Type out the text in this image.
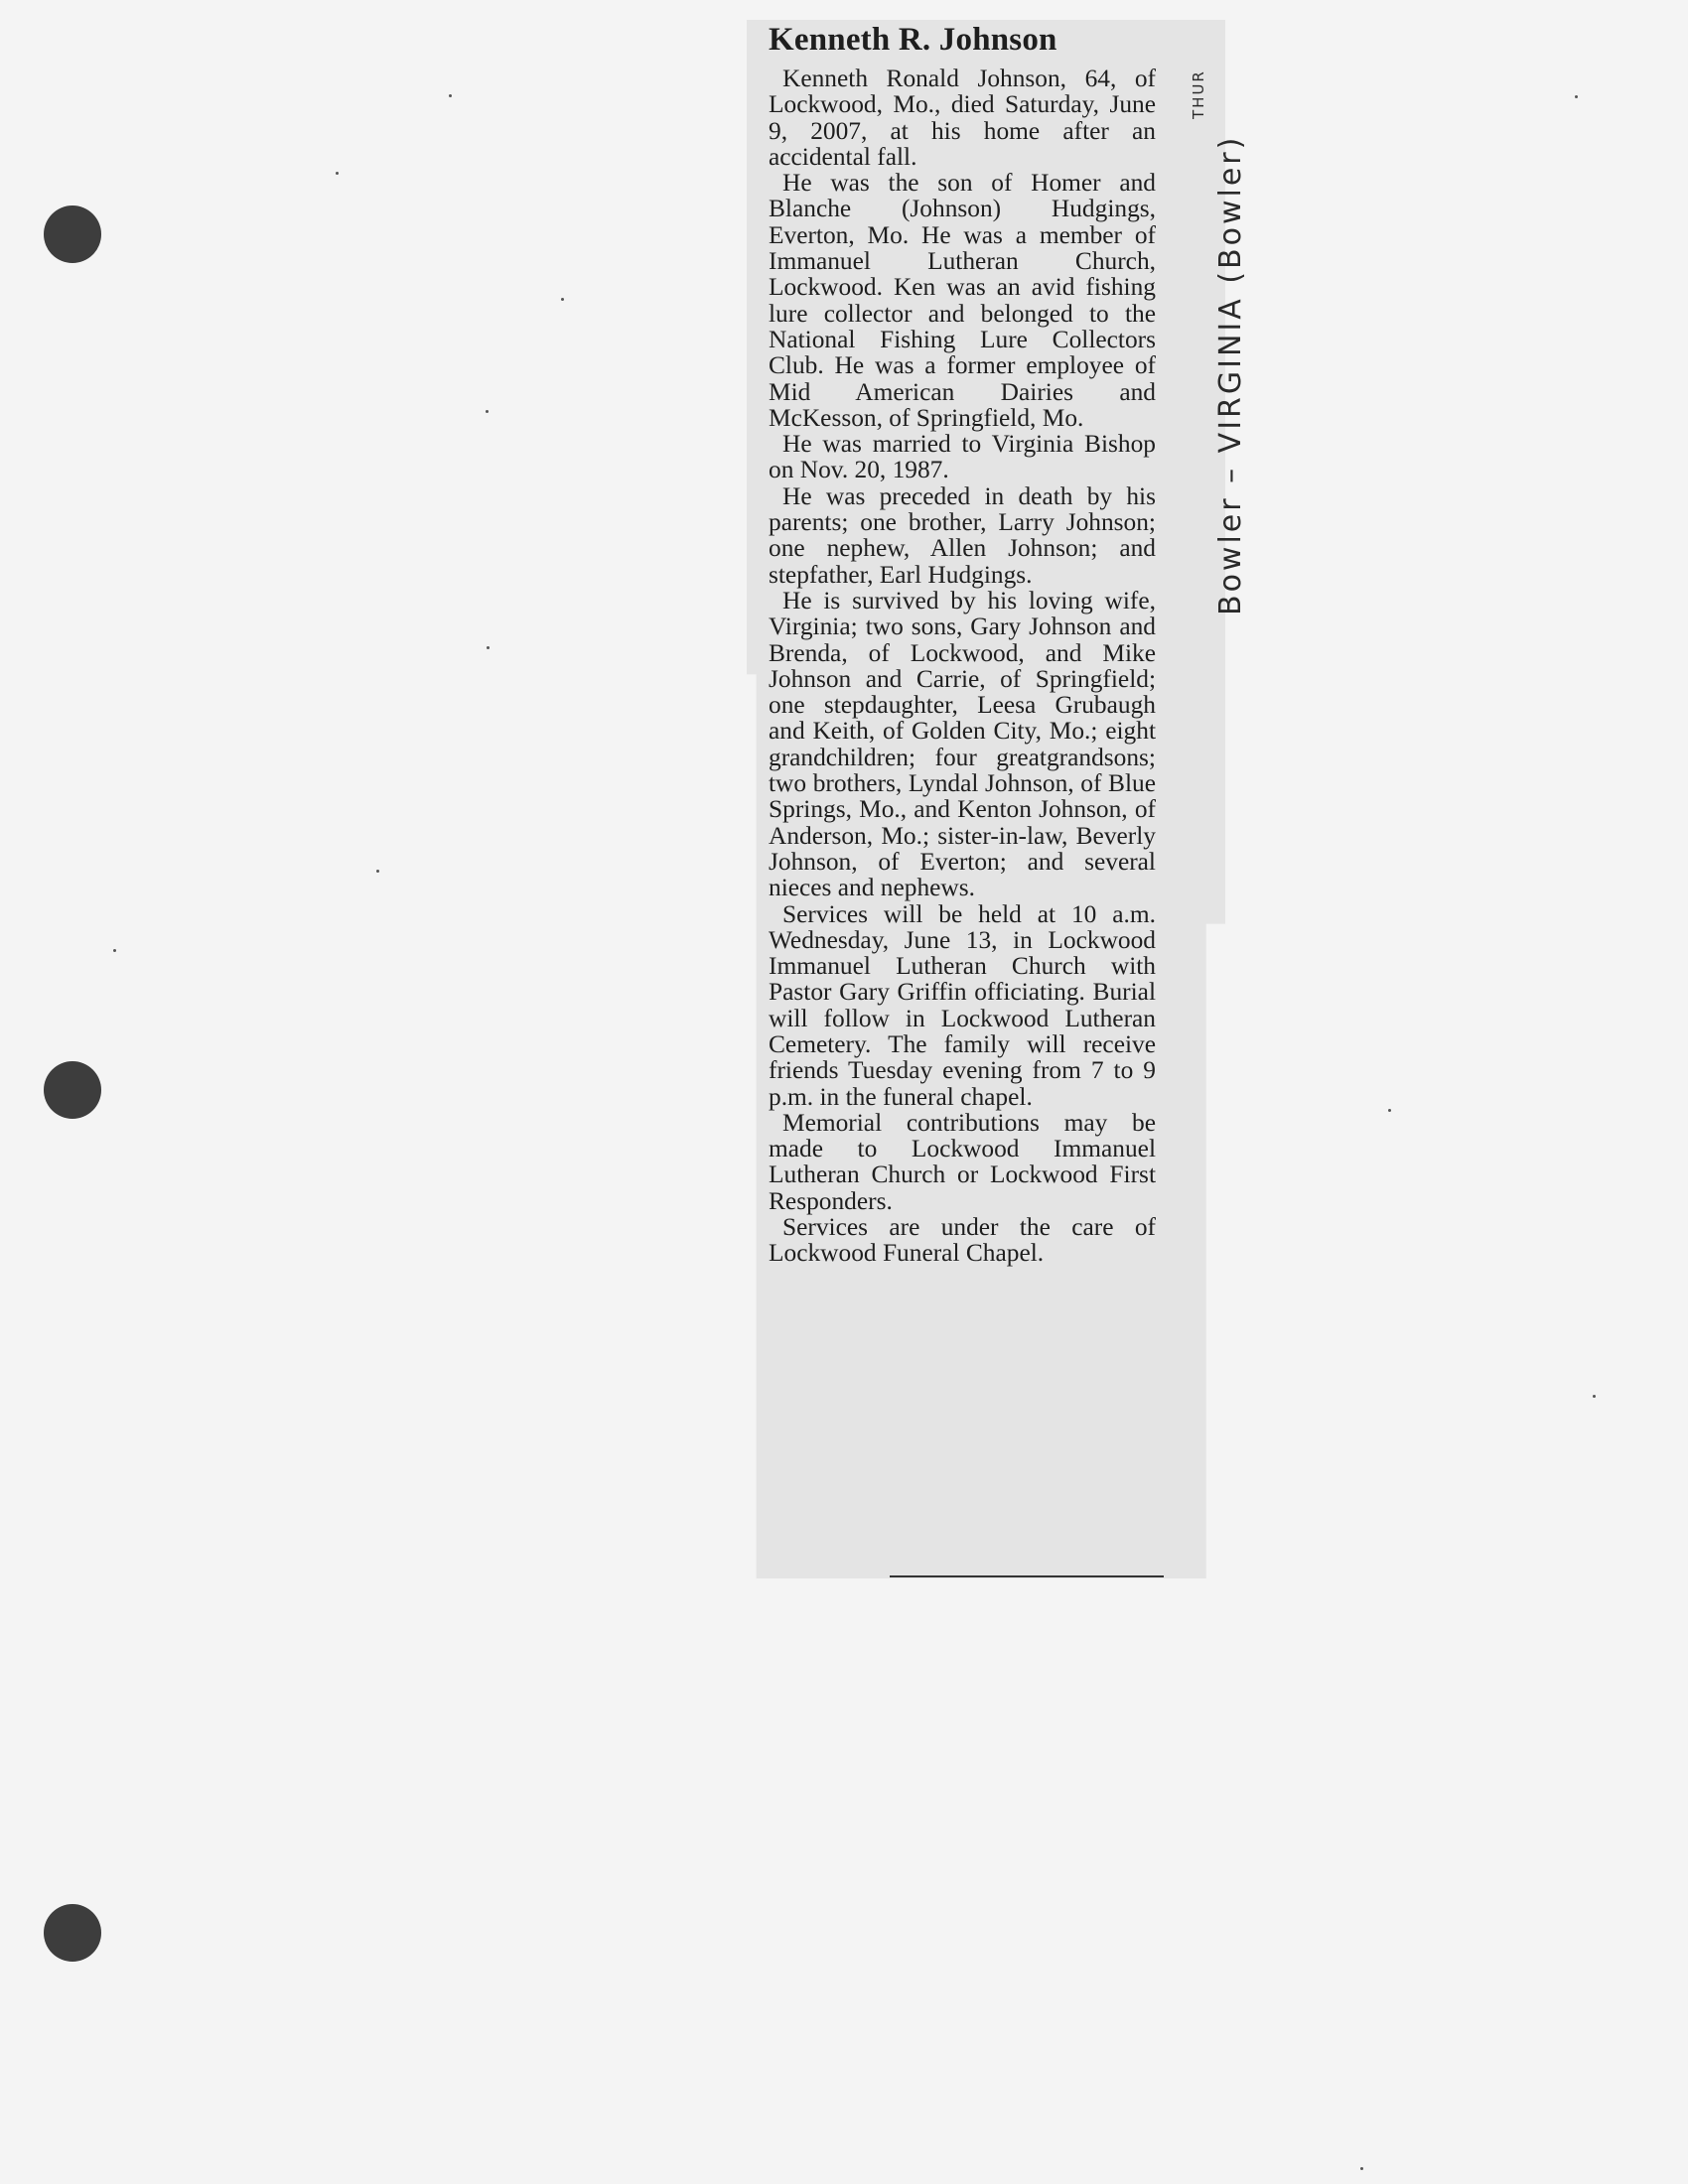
Kenneth R. Johnson

Kenneth Ronald Johnson, 64, of Lockwood, Mo., died Saturday, June 9, 2007, at his home after an accidental fall.

He was the son of Homer and Blanche (Johnson) Hudgings, Everton, Mo. He was a member of Immanuel Lutheran Church, Lockwood. Ken was an avid fishing lure collector and belonged to the National Fishing Lure Collectors Club. He was a former employee of Mid American Dairies and McKesson, of Springfield, Mo.

He was married to Virginia Bishop on Nov. 20, 1987.

He was preceded in death by his parents; one brother, Larry Johnson; one nephew, Allen Johnson; and stepfather, Earl Hudgings.

He is survived by his loving wife, Virginia; two sons, Gary Johnson and Brenda, of Lockwood, and Mike Johnson and Carrie, of Springfield; one stepdaughter, Leesa Grubaugh and Keith, of Golden City, Mo.; eight grandchildren; four greatgrandsons; two brothers, Lyndal Johnson, of Blue Springs, Mo., and Kenton Johnson, of Anderson, Mo.; sister-in-law, Beverly Johnson, of Everton; and several nieces and nephews.

Services will be held at 10 a.m. Wednesday, June 13, in Lockwood Immanuel Lutheran Church with Pastor Gary Griffin officiating. Burial will follow in Lockwood Lutheran Cemetery. The family will receive friends Tuesday evening from 7 to 9 p.m. in the funeral chapel.

Memorial contributions may be made to Lockwood Immanuel Lutheran Church or Lockwood First Responders.

Services are under the care of Lockwood Funeral Chapel.

Bowler – VIRGINIA (Bowler)
THUR
